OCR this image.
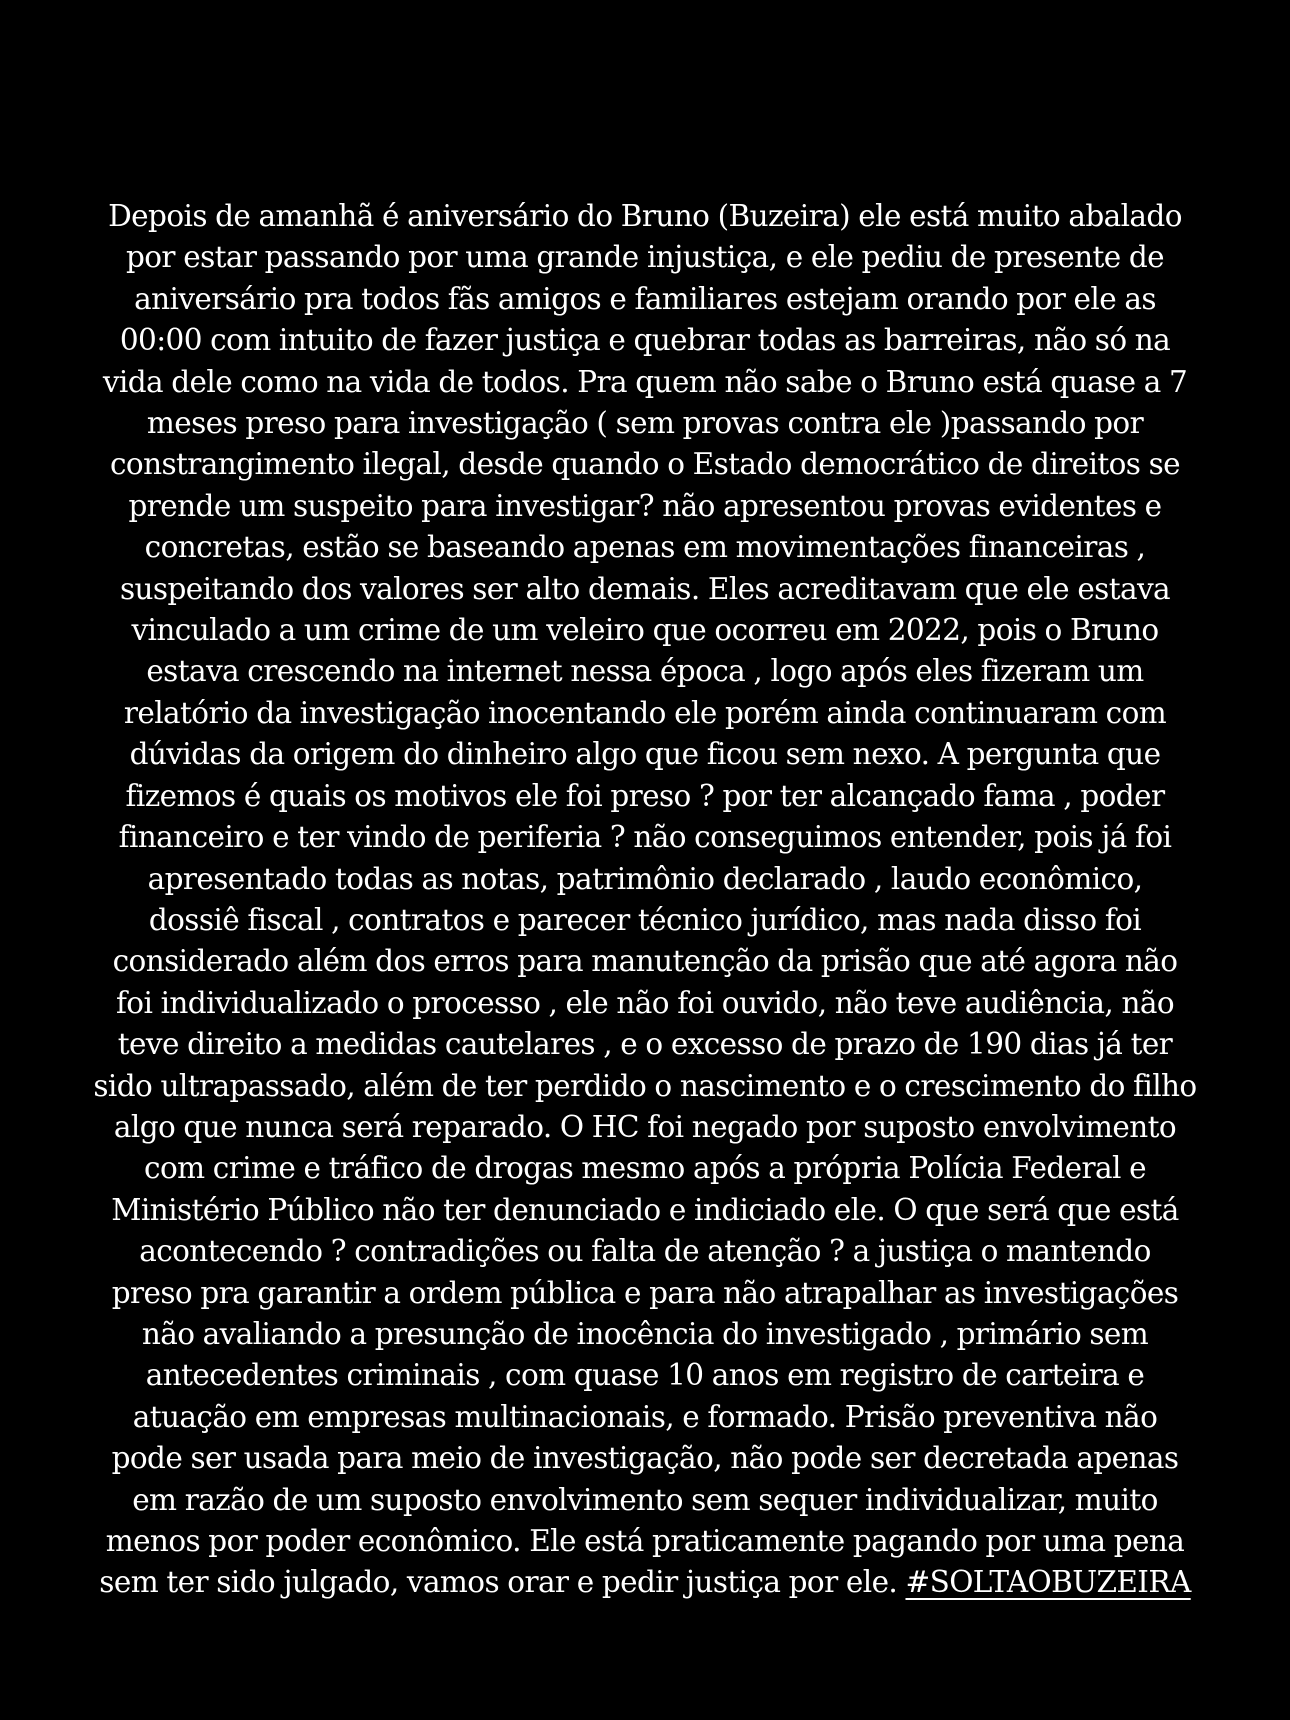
Depois de amanhã é aniversário do Bruno (Buzeira) ele está muito abalado
por estar passando por uma grande injustiça, e ele pediu de presente de
aniversário pra todos fãs amigos e familiares estejam orando por ele as
00:00 com intuito de fazer justiça e quebrar todas as barreiras, não só na
vida dele como na vida de todos. Pra quem não sabe o Bruno está quase a 7
meses preso para investigação ( sem provas contra ele )passando por
constrangimento ilegal, desde quando o Estado democrático de direitos se
prende um suspeito para investigar? não apresentou provas evidentes e
concretas, estão se baseando apenas em movimentações financeiras ,
suspeitando dos valores ser alto demais. Eles acreditavam que ele estava
vinculado a um crime de um veleiro que ocorreu em 2022, pois o Bruno
estava crescendo na internet nessa época , logo após eles fizeram um
relatório da investigação inocentando ele porém ainda continuaram com
dúvidas da origem do dinheiro algo que ficou sem nexo. A pergunta que
fizemos é quais os motivos ele foi preso ? por ter alcançado fama , poder
financeiro e ter vindo de periferia ? não conseguimos entender, pois já foi
apresentado todas as notas, patrimônio declarado , laudo econômico,
dossiê fiscal , contratos e parecer técnico jurídico, mas nada disso foi
considerado além dos erros para manutenção da prisão que até agora não
foi individualizado o processo , ele não foi ouvido, não teve audiência, não
teve direito a medidas cautelares , e o excesso de prazo de 190 dias já ter
sido ultrapassado, além de ter perdido o nascimento e o crescimento do filho
algo que nunca será reparado. O HC foi negado por suposto envolvimento
com crime e tráfico de drogas mesmo após a própria Polícia Federal e
Ministério Público não ter denunciado e indiciado ele. O que será que está
acontecendo ? contradições ou falta de atenção ? a justiça o mantendo
preso pra garantir a ordem pública e para não atrapalhar as investigações
não avaliando a presunção de inocência do investigado , primário sem
antecedentes criminais , com quase 10 anos em registro de carteira e
atuação em empresas multinacionais, e formado. Prisão preventiva não
pode ser usada para meio de investigação, não pode ser decretada apenas
em razão de um suposto envolvimento sem sequer individualizar, muito
menos por poder econômico. Ele está praticamente pagando por uma pena
sem ter sido julgado, vamos orar e pedir justiça por ele. #SOLTAOBUZEIRA
